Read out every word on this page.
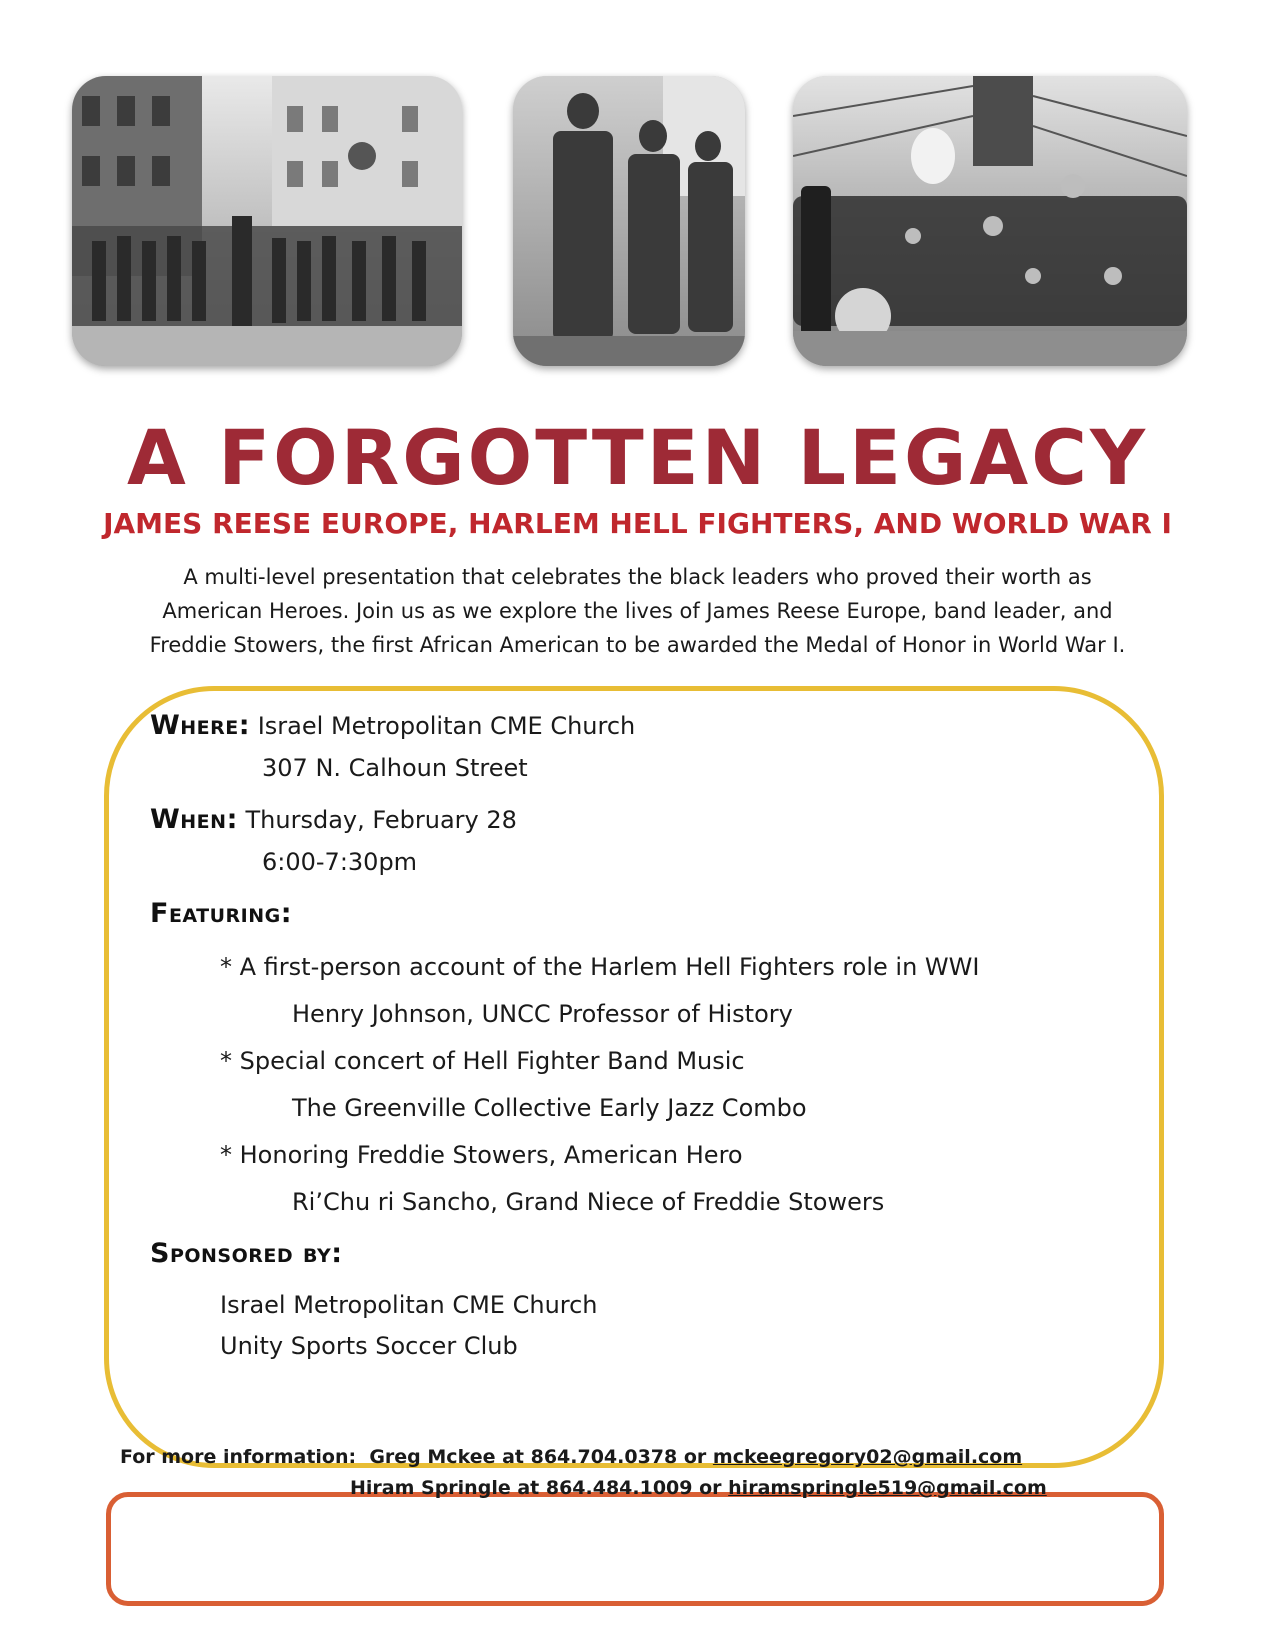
A FORGOTTEN LEGACY
JAMES REESE EUROPE, HARLEM HELL FIGHTERS, AND WORLD WAR I
A multi-level presentation that celebrates the black leaders who proved their worth as
American Heroes. Join us as we explore the lives of James Reese Europe, band leader, and
Freddie Stowers, the first African American to be awarded the Medal of Honor in World War I.
Where: Israel Metropolitan CME Church
307 N. Calhoun Street
When: Thursday, February 28
6:00-7:30pm
Featuring:
* A first-person account of the Harlem Hell Fighters role in WWI
Henry Johnson, UNCC Professor of History
* Special concert of Hell Fighter Band Music
The Greenville Collective Early Jazz Combo
* Honoring Freddie Stowers, American Hero
Ri’Chu ri Sancho, Grand Niece of Freddie Stowers
Sponsored by:
Israel Metropolitan CME Church
Unity Sports Soccer Club
For more information: Greg Mckee at 864.704.0378 or mckeegregory02@gmail.com
Hiram Springle at 864.484.1009 or hiramspringle519@gmail.com
